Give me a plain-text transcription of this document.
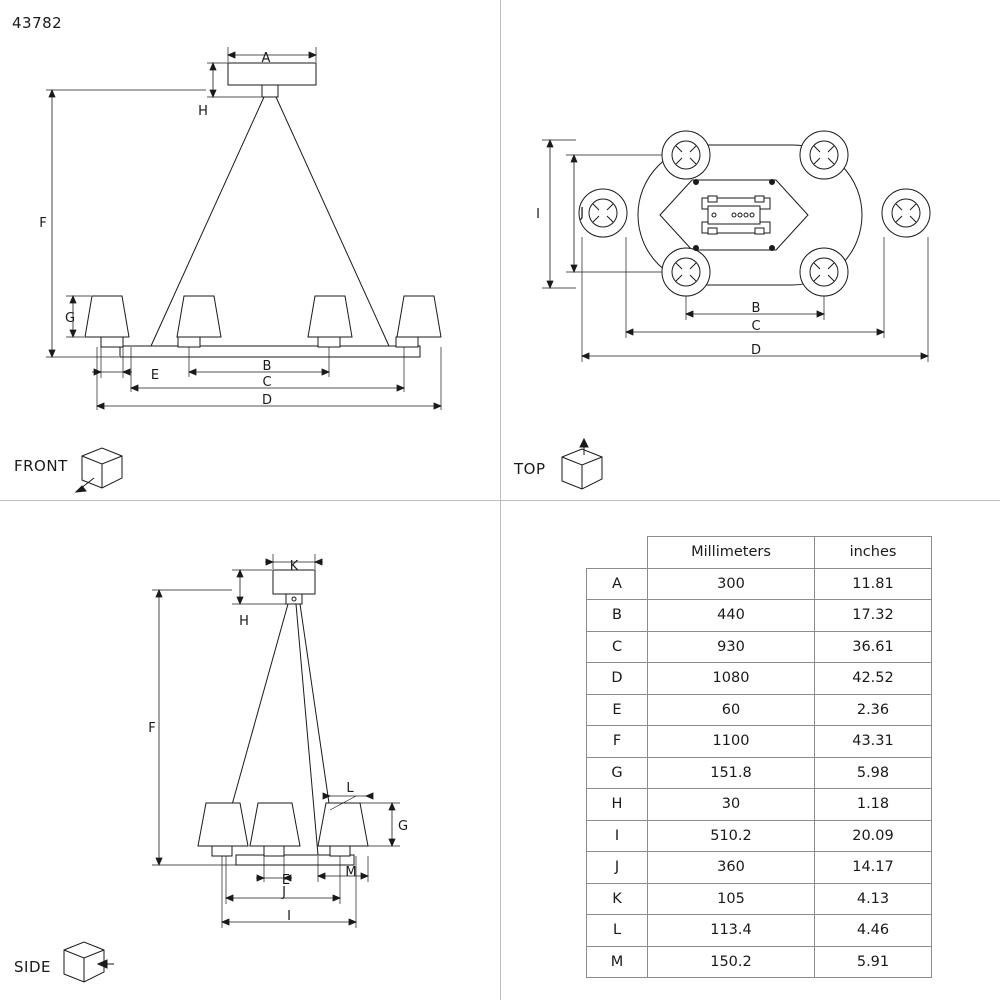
43782
A
H
F
G
E
B
C
D
FRONT
I	J
B
C
D
TOP
K
H
F
L
G
E
M
J
I
SIDE
	Millimeters	inches
A	300	11.81
B	440	17.32
C	930	36.61
D	1080	42.52
E	60	2.36
F	1100	43.31
G	151.8	5.98
H	30	1.18
I	510.2	20.09
J	360	14.17
K	105	4.13
L	113.4	4.46
M	150.2	5.91
